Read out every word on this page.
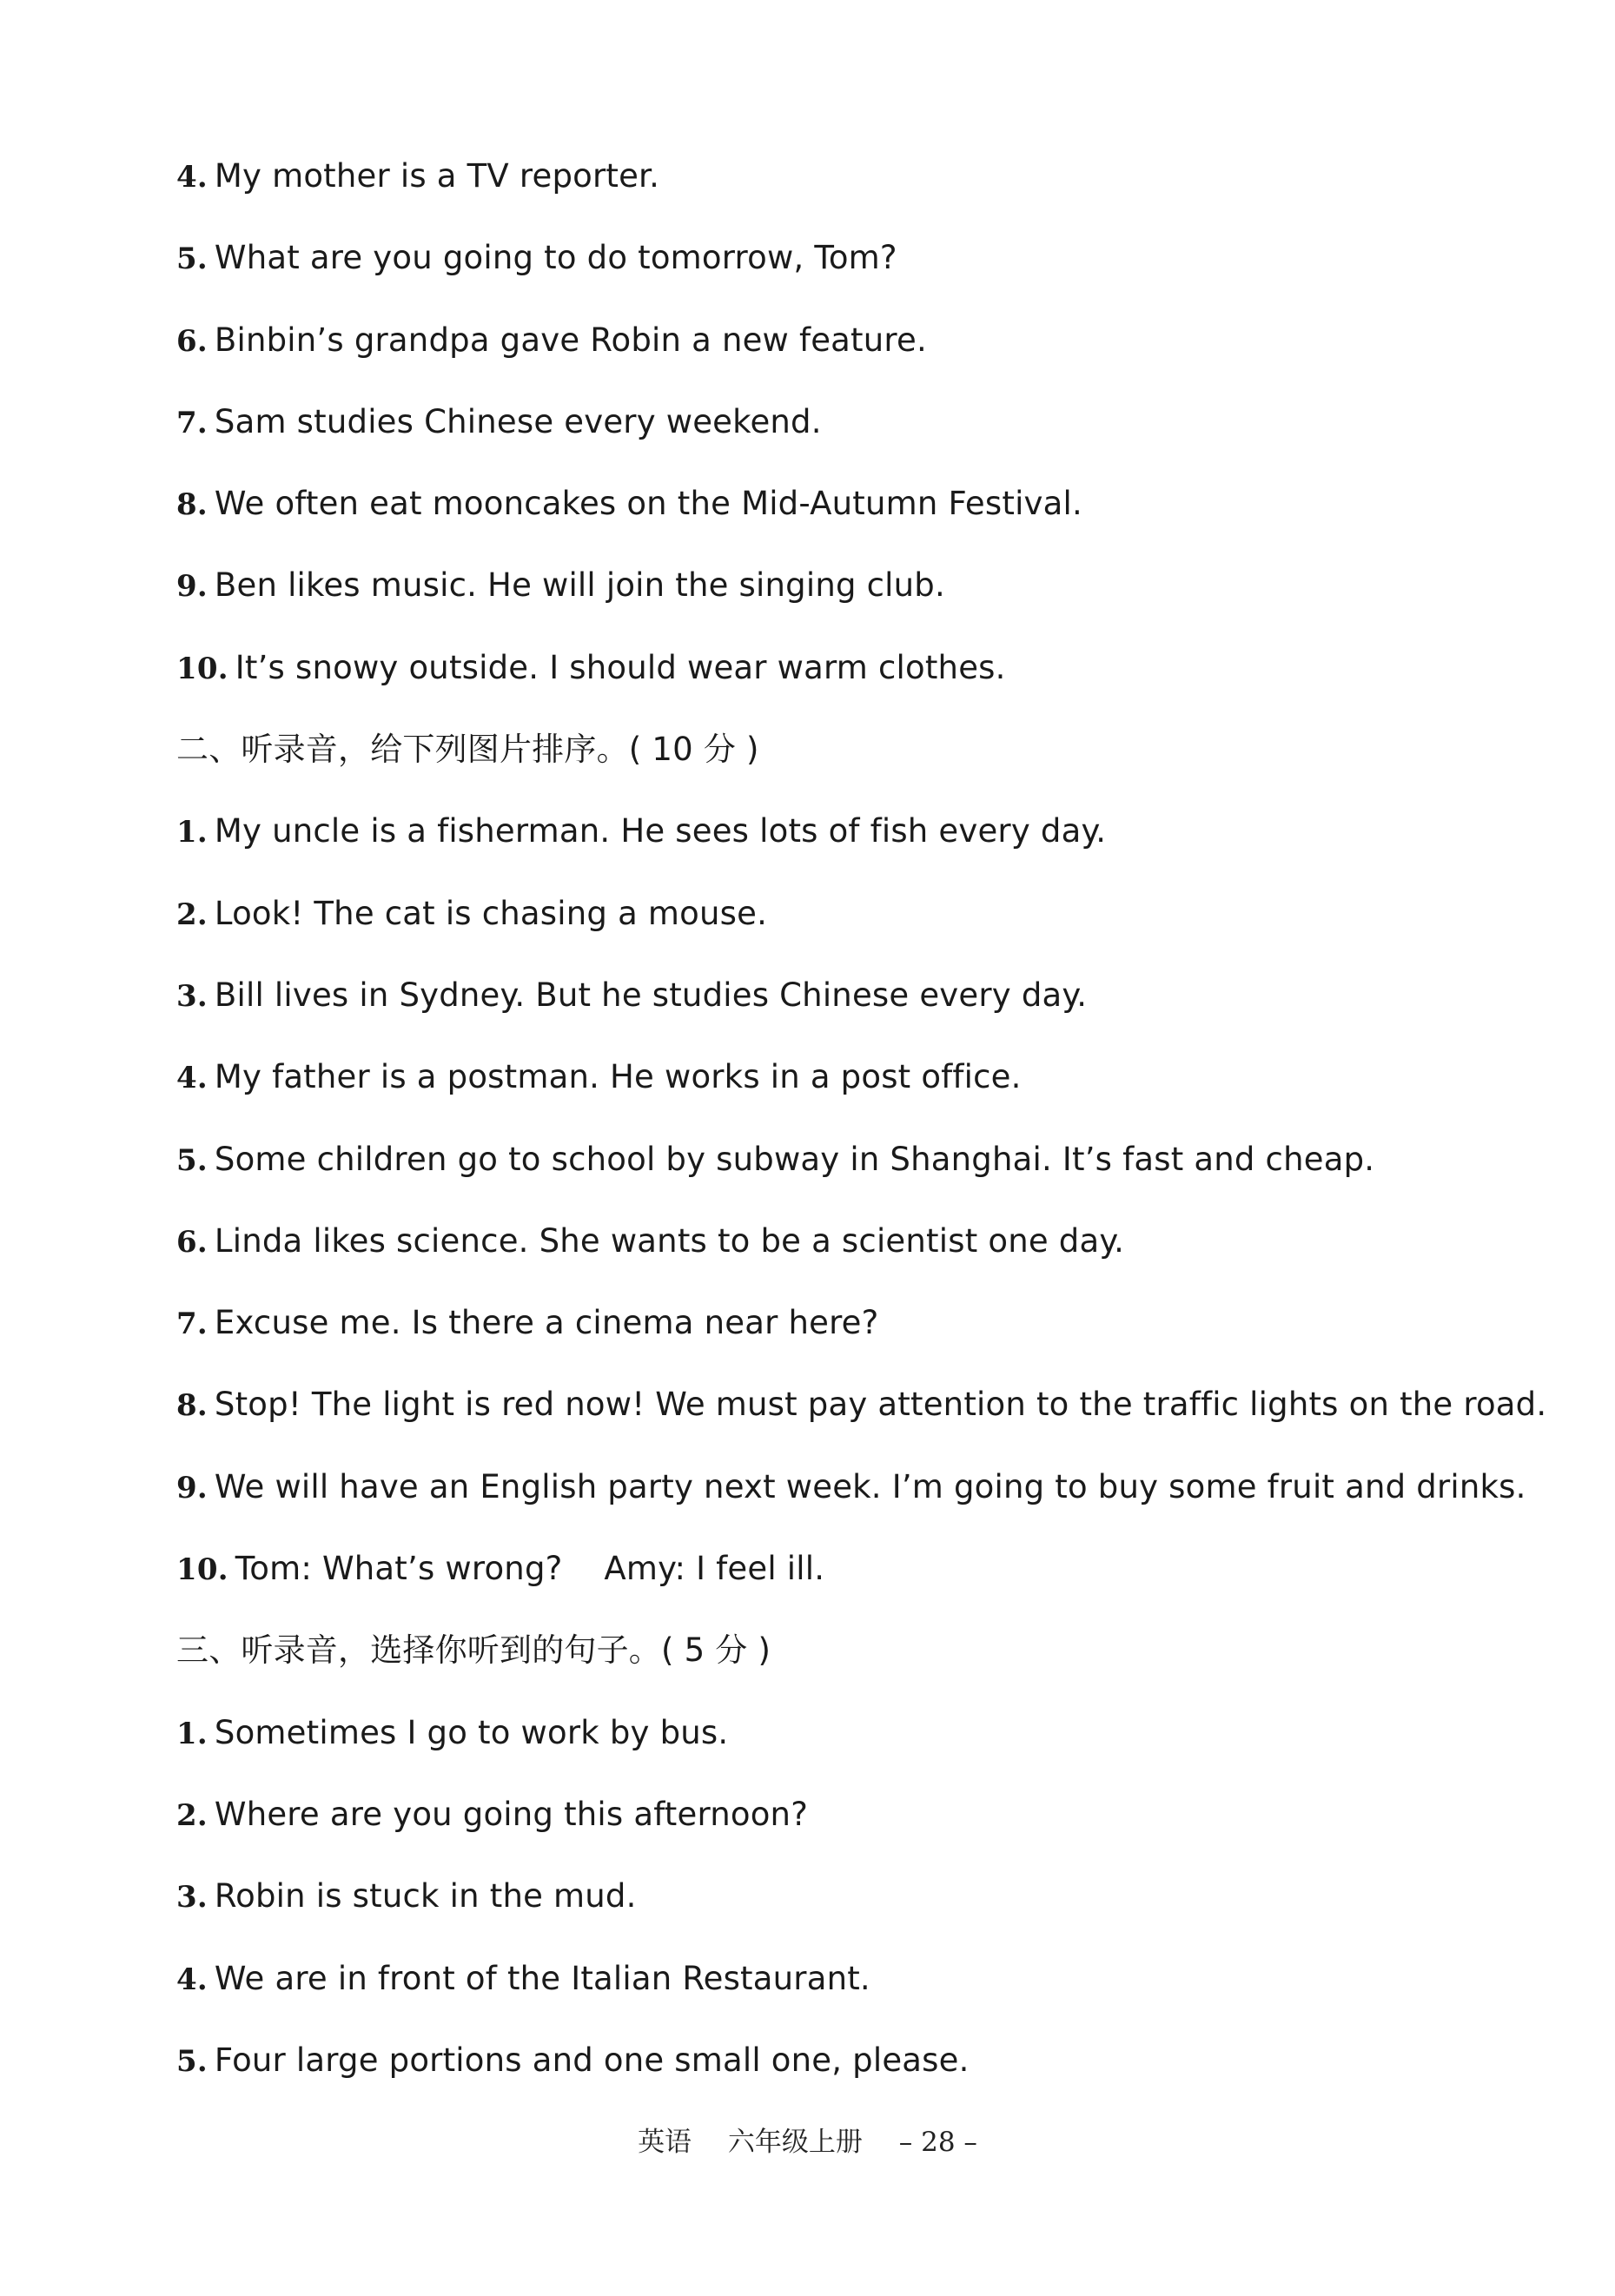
4. My mother is a TV reporter.
5. What are you going to do tomorrow, Tom?
6. Binbin’s grandpa gave Robin a new feature.
7. Sam studies Chinese every weekend.
8. We often eat mooncakes on the Mid-Autumn Festival.
9. Ben likes music. He will join the singing club.
10. It’s snowy outside. I should wear warm clothes.
二、听录音，给下列图片排序。( 10 分 )
1. My uncle is a fisherman. He sees lots of fish every day.
2. Look! The cat is chasing a mouse.
3. Bill lives in Sydney. But he studies Chinese every day.
4. My father is a postman. He works in a post office.
5. Some children go to school by subway in Shanghai. It’s fast and cheap.
6. Linda likes science. She wants to be a scientist one day.
7. Excuse me. Is there a cinema near here?
8. Stop! The light is red now! We must pay attention to the traffic lights on the road.
9. We will have an English party next week. I’m going to buy some fruit and drinks.
10. Tom: What’s wrong?    Amy: I feel ill.
三、听录音，选择你听到的句子。( 5 分 )
1. Sometimes I go to work by bus.
2. Where are you going this afternoon?
3. Robin is stuck in the mud.
4. We are in front of the Italian Restaurant.
5. Four large portions and one small one, please.
英语 六年级上册 – 28 –
